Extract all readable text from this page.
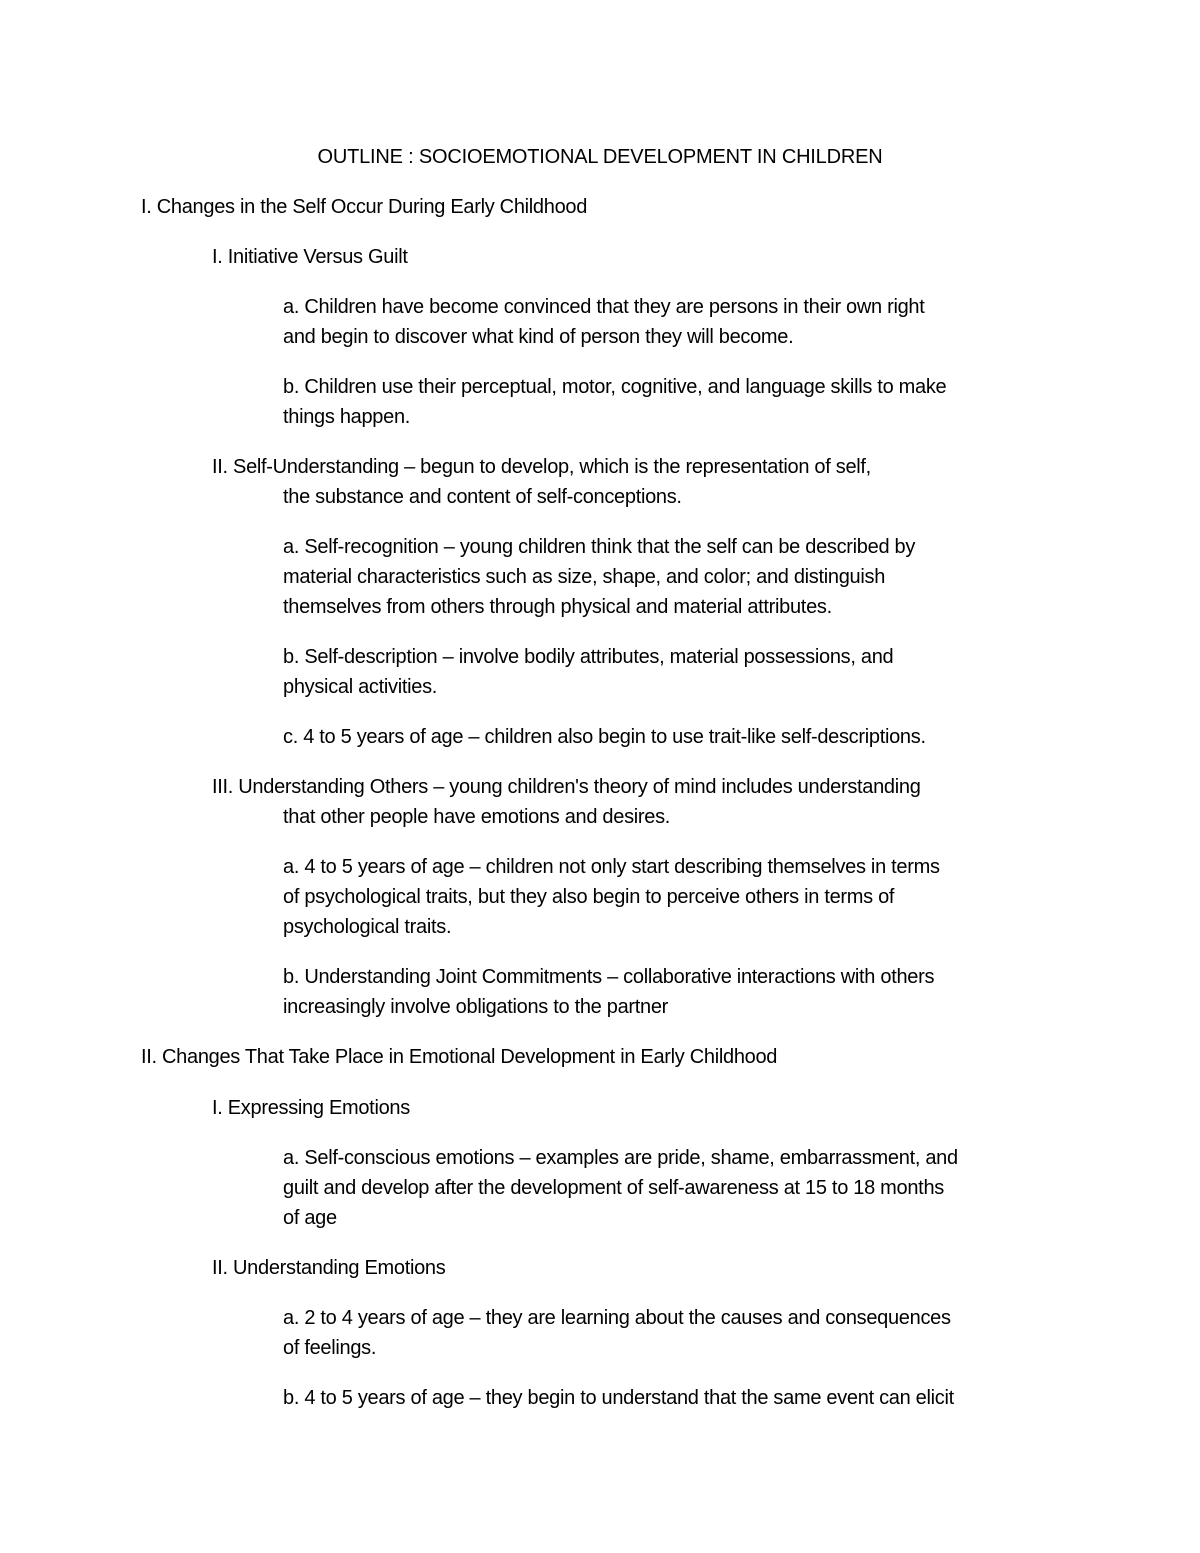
OUTLINE : SOCIOEMOTIONAL DEVELOPMENT IN CHILDREN
I. Changes in the Self Occur During Early Childhood
I. Initiative Versus Guilt
a. Children have become convinced that they are persons in their own right
and begin to discover what kind of person they will become.
b. Children use their perceptual, motor, cognitive, and language skills to make
things happen.
II. Self-Understanding – begun to develop, which is the representation of self,
the substance and content of self-conceptions.
a. Self-recognition – young children think that the self can be described by
material characteristics such as size, shape, and color; and distinguish
themselves from others through physical and material attributes.
b. Self-description – involve bodily attributes, material possessions, and
physical activities.
c. 4 to 5 years of age – children also begin to use trait-like self-descriptions.
III. Understanding Others – young children's theory of mind includes understanding
that other people have emotions and desires.
a. 4 to 5 years of age – children not only start describing themselves in terms
of psychological traits, but they also begin to perceive others in terms of
psychological traits.
b. Understanding Joint Commitments – collaborative interactions with others
increasingly involve obligations to the partner
II. Changes That Take Place in Emotional Development in Early Childhood
I. Expressing Emotions
a. Self-conscious emotions – examples are pride, shame, embarrassment, and
guilt and develop after the development of self-awareness at 15 to 18 months
of age
II. Understanding Emotions
a. 2 to 4 years of age – they are learning about the causes and consequences
of feelings.
b. 4 to 5 years of age – they begin to understand that the same event can elicit
